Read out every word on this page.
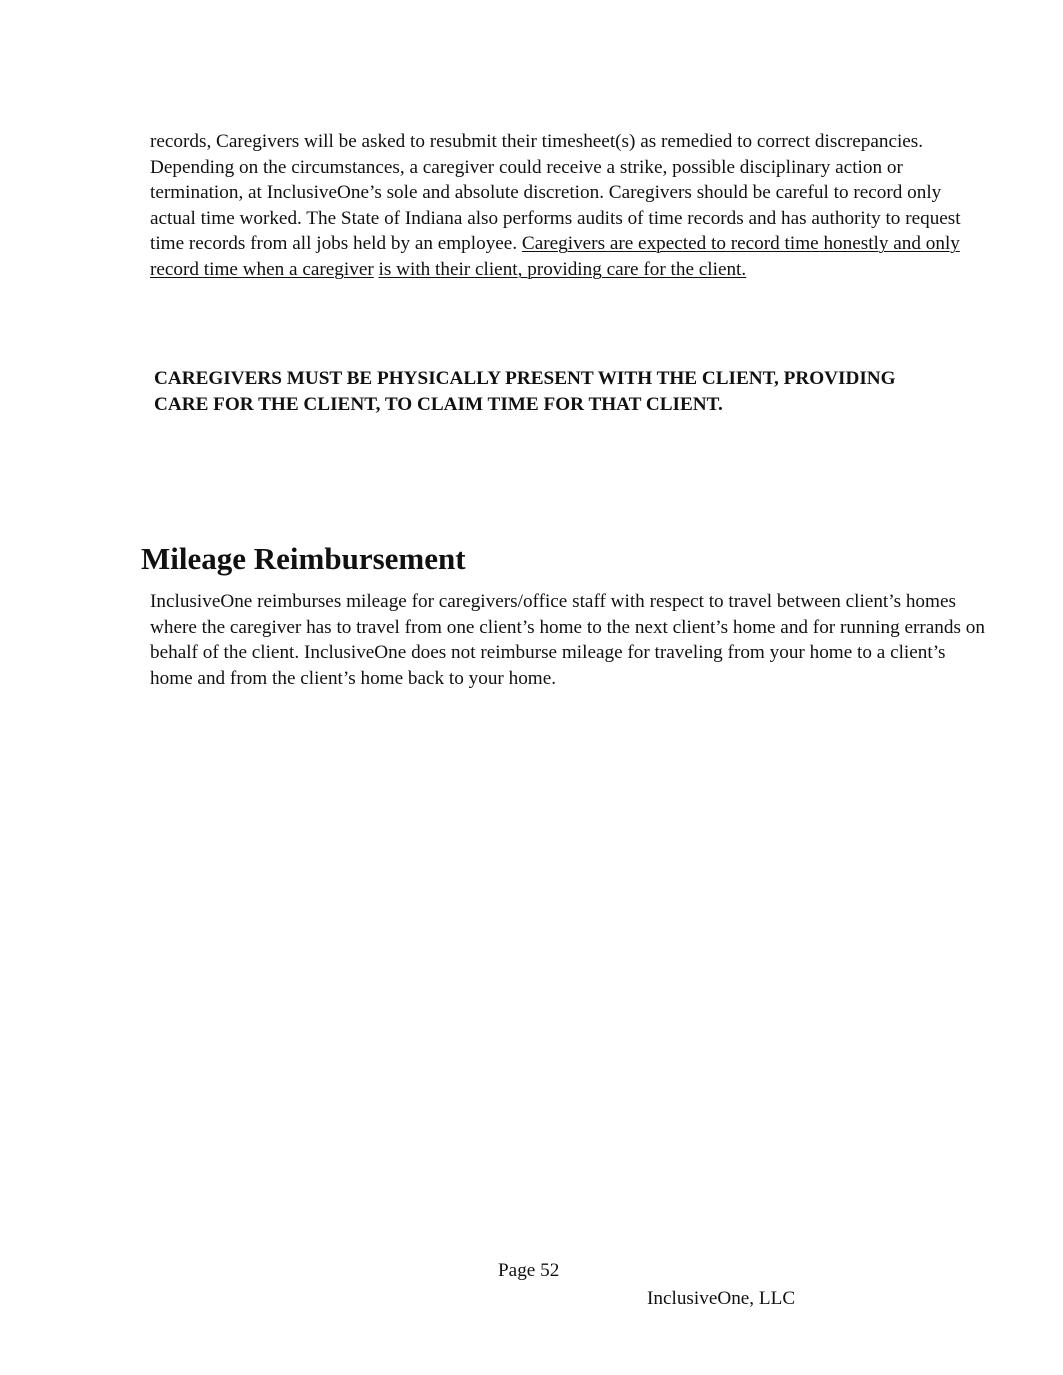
records, Caregivers will be asked to resubmit their timesheet(s) as remedied to correct discrepancies. Depending on the circumstances, a caregiver could receive a strike, possible disciplinary action or termination, at InclusiveOne’s sole and absolute discretion. Caregivers should be careful to record only actual time worked. The State of Indiana also performs audits of time records and has authority to request time records from all jobs held by an employee. Caregivers are expected to record time honestly and only record time when a caregiver is with their client, providing care for the client.

CAREGIVERS MUST BE PHYSICALLY PRESENT WITH THE CLIENT, PROVIDING
CARE FOR THE CLIENT, TO CLAIM TIME FOR THAT CLIENT.
Mileage Reimbursement

InclusiveOne reimburses mileage for caregivers/office staff with respect to travel between client’s homes where the caregiver has to travel from one client’s home to the next client’s home and for running errands on behalf of the client. InclusiveOne does not reimburse mileage for traveling from your home to a client’s home and from the client’s home back to your home.

Page 52
InclusiveOne, LLC
